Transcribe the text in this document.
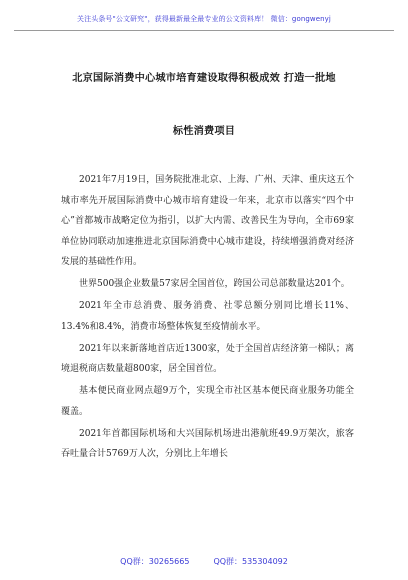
关注头条号"公文研究"，获得最新最全最专业的公文资料库！ 微信：gongwenyj
北京国际消费中心城市培育建设取得积极成效 打造一批地
标性消费项目

2021年7月19日，国务院批准北京、上海、广州、天津、重庆这五个城市率先开展国际消费中心城市培育建设一年来，北京市以落实“四个中心”首都城市战略定位为指引，以扩大内需、改善民生为导向，全市69家单位协同联动加速推进北京国际消费中心城市建设，持续增强消费对经济发展的基础性作用。

世界500强企业数量57家居全国首位，跨国公司总部数量达201个。

2021年全市总消费、服务消费、社零总额分别同比增长11%、13.4%和8.4%，消费市场整体恢复至疫情前水平。

2021年以来新落地首店近1300家，处于全国首店经济第一梯队；离境退税商店数量超800家，居全国首位。

基本便民商业网点超9万个，实现全市社区基本便民商业服务功能全覆盖。

2021年首都国际机场和大兴国际机场进出港航班49.9万架次，旅客吞吐量合计5769万人次，分别比上年增长

QQ群：30265665	QQ群：535304092
